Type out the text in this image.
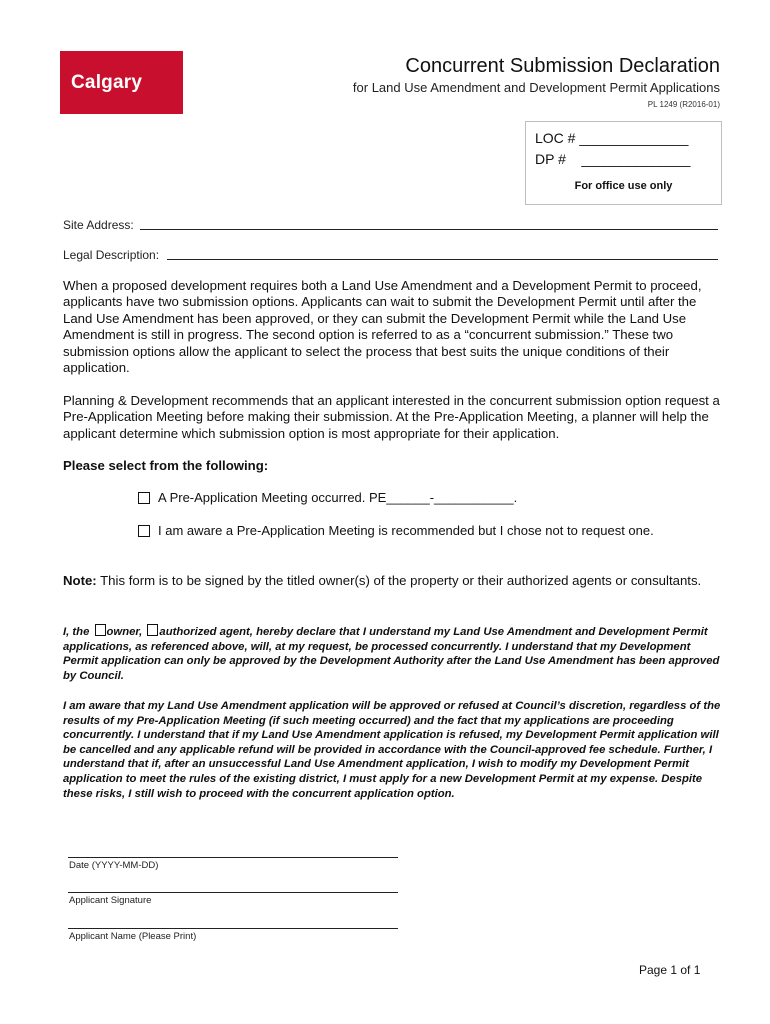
Calgary
Concurrent Submission Declaration
for Land Use Amendment and Development Permit Applications
PL 1249 (R2016-01)
LOC # ______________
DP #    ______________
For office use only
Site Address:
Legal Description:
When a proposed development requires both a Land Use Amendment and a Development Permit to proceed, applicants have two submission options. Applicants can wait to submit the Development Permit until after the Land Use Amendment has been approved, or they can submit the Development Permit while the Land Use Amendment is still in progress. The second option is referred to as a “concurrent submission.” These two submission options allow the applicant to select the process that best suits the unique conditions of their application.
Planning & Development recommends that an applicant interested in the concurrent submission option request a Pre-Application Meeting before making their submission. At the Pre-Application Meeting, a planner will help the applicant determine which submission option is most appropriate for their application.
Please select from the following:
A Pre-Application Meeting occurred. PE______-___________.
I am aware a Pre-Application Meeting is recommended but I chose not to request one.
Note: This form is to be signed by the titled owner(s) of the property or their authorized agents or consultants.
I, the owner, authorized agent, hereby declare that I understand my Land Use Amendment and Development Permit applications, as referenced above, will, at my request, be processed concurrently. I understand that my Development Permit application can only be approved by the Development Authority after the Land Use Amendment has been approved by Council.
I am aware that my Land Use Amendment application will be approved or refused at Council’s discretion, regardless of the results of my Pre-Application Meeting (if such meeting occurred) and the fact that my applications are proceeding concurrently. I understand that if my Land Use Amendment application is refused, my Development Permit application will be cancelled and any applicable refund will be provided in accordance with the Council-approved fee schedule. Further, I understand that if, after an unsuccessful Land Use Amendment application, I wish to modify my Development Permit application to meet the rules of the existing district, I must apply for a new Development Permit at my expense. Despite these risks, I still wish to proceed with the concurrent application option.
Date (YYYY-MM-DD)
Applicant Signature
Applicant Name (Please Print)
Page 1 of 1
